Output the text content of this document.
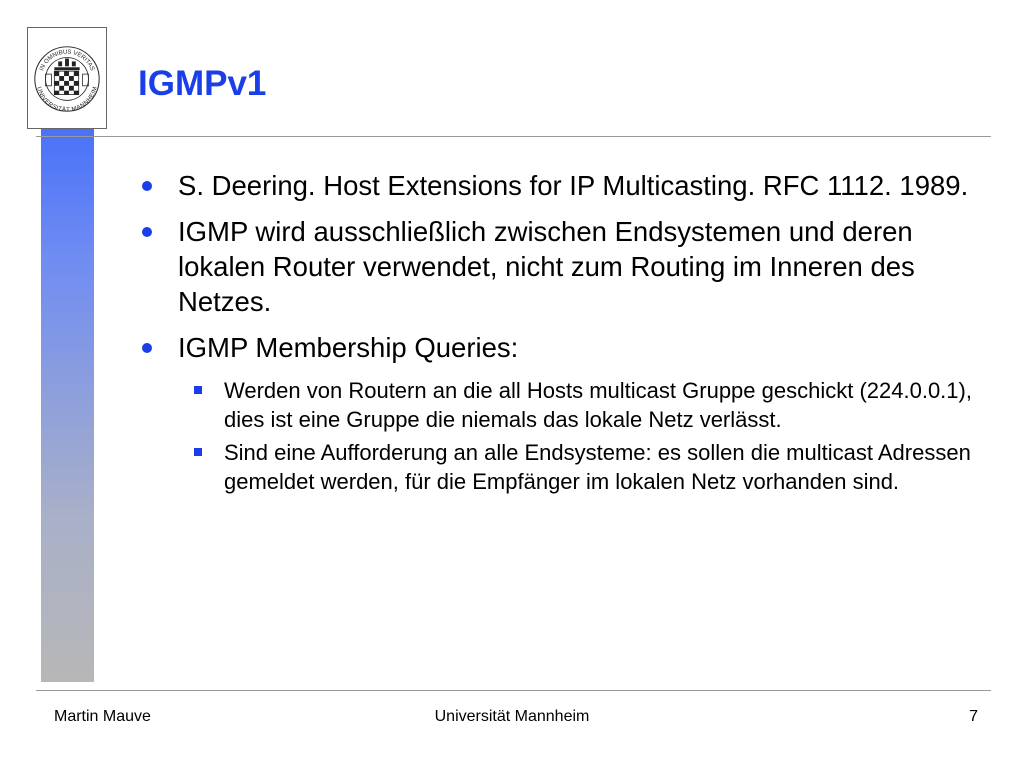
IN OMNIBUS VERITAS
UNIVERSITÄT MANNHEIM IGMPv1
S. Deering. Host Extensions for IP Multicasting. RFC 1112. 1989.
IGMP wird ausschließlich zwischen Endsystemen und deren lokalen Router verwendet, nicht zum Routing im Inneren des Netzes.
IGMP Membership Queries:
Werden von Routern an die all Hosts multicast Gruppe geschickt (224.0.0.1), dies ist eine Gruppe die niemals das lokale Netz verlässt.
Sind eine Aufforderung an alle Endsysteme: es sollen die multicast Adressen gemeldet werden, für die Empfänger im lokalen Netz vorhanden sind.
Martin Mauve	Universität Mannheim	7
